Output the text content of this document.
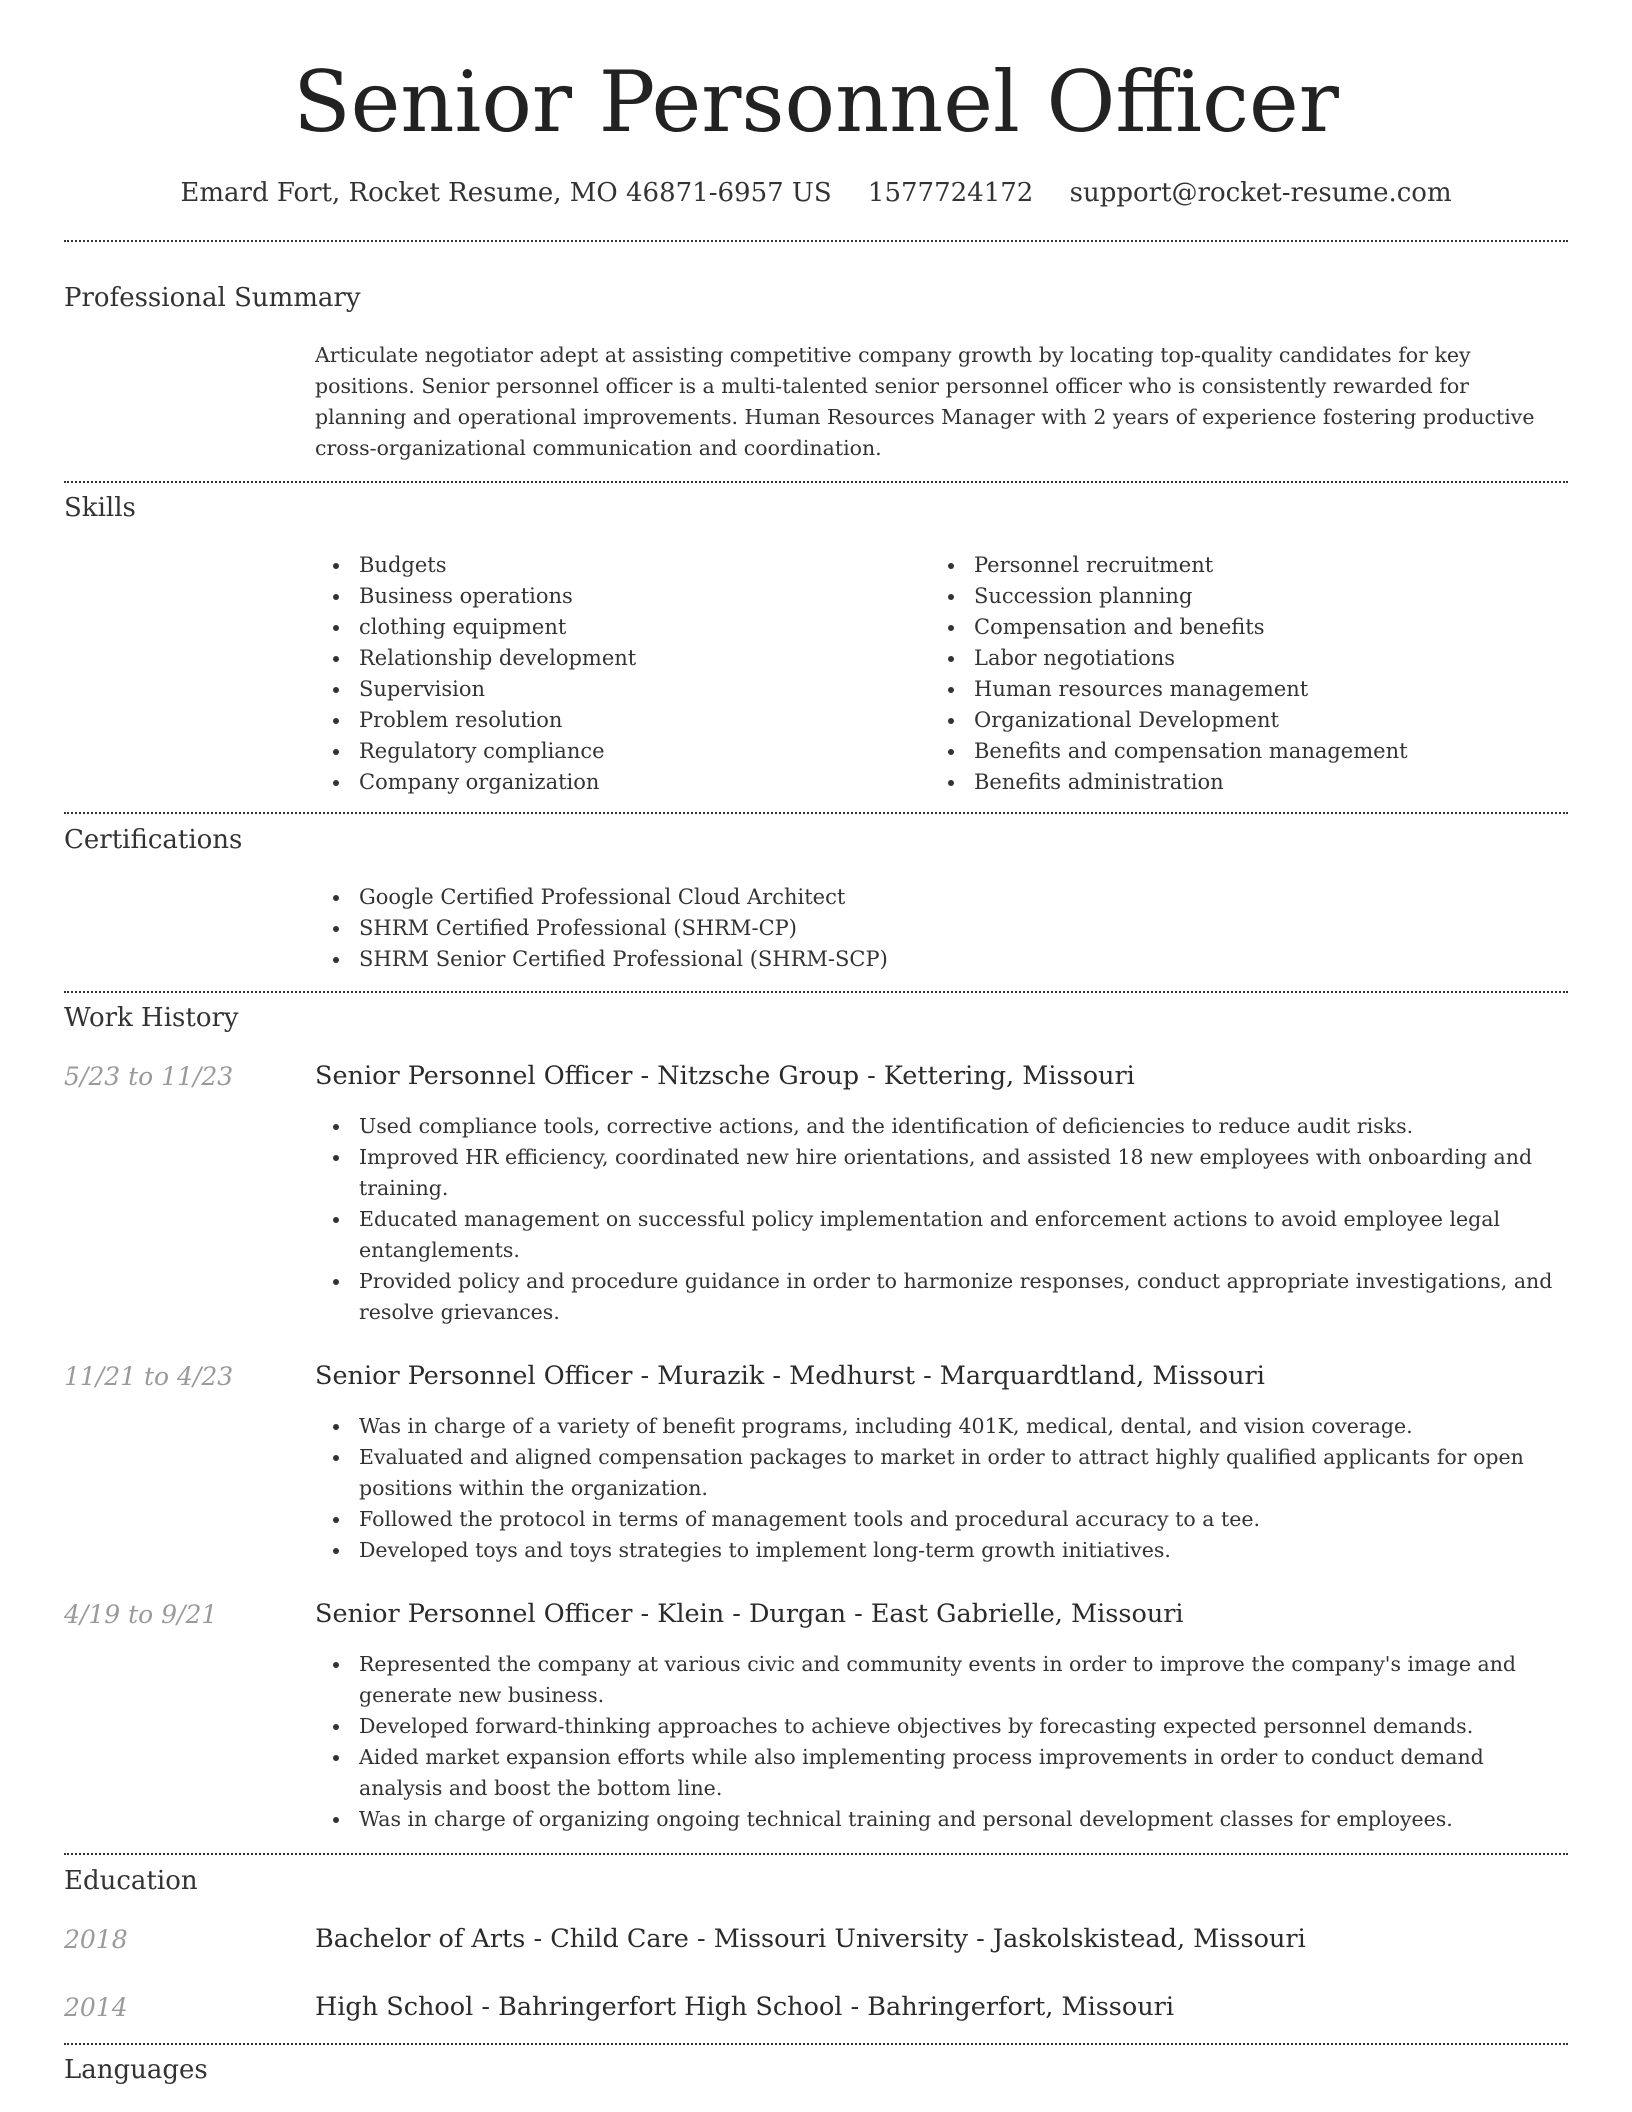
Senior Personnel Officer
Emard Fort, Rocket Resume, MO 46871-6957 US 1577724172 support@rocket-resume.com
Professional Summary

Articulate negotiator adept at assisting competitive company growth by locating top-quality candidates for key positions. Senior personnel officer is a multi-talented senior personnel officer who is consistently rewarded for planning and operational improvements. Human Resources Manager with 2 years of experience fostering productive cross-organizational communication and coordination.

Skills
Budgets
Business operations
clothing equipment
Relationship development
Supervision
Problem resolution
Regulatory compliance
Company organization
Personnel recruitment
Succession planning
Compensation and benefits
Labor negotiations
Human resources management
Organizational Development
Benefits and compensation management
Benefits administration
Certifications
Google Certified Professional Cloud Architect
SHRM Certified Professional (SHRM-CP)
SHRM Senior Certified Professional (SHRM-SCP)
Work History
5/23 to 11/23	Senior Personnel Officer - Nitzsche Group - Kettering, Missouri
Used compliance tools, corrective actions, and the identification of deficiencies to reduce audit risks.
Improved HR efficiency, coordinated new hire orientations, and assisted 18 new employees with onboarding and training.
Educated management on successful policy implementation and enforcement actions to avoid employee legal entanglements.
Provided policy and procedure guidance in order to harmonize responses, conduct appropriate investigations, and resolve grievances.
11/21 to 4/23	Senior Personnel Officer - Murazik - Medhurst - Marquardtland, Missouri
Was in charge of a variety of benefit programs, including 401K, medical, dental, and vision coverage.
Evaluated and aligned compensation packages to market in order to attract highly qualified applicants for open positions within the organization.
Followed the protocol in terms of management tools and procedural accuracy to a tee.
Developed toys and toys strategies to implement long-term growth initiatives.
4/19 to 9/21	Senior Personnel Officer - Klein - Durgan - East Gabrielle, Missouri
Represented the company at various civic and community events in order to improve the company's image and generate new business.
Developed forward-thinking approaches to achieve objectives by forecasting expected personnel demands.
Aided market expansion efforts while also implementing process improvements in order to conduct demand analysis and boost the bottom line.
Was in charge of organizing ongoing technical training and personal development classes for employees.
Education
2018	Bachelor of Arts - Child Care - Missouri University - Jaskolskistead, Missouri
2014	High School - Bahringerfort High School - Bahringerfort, Missouri
Languages
